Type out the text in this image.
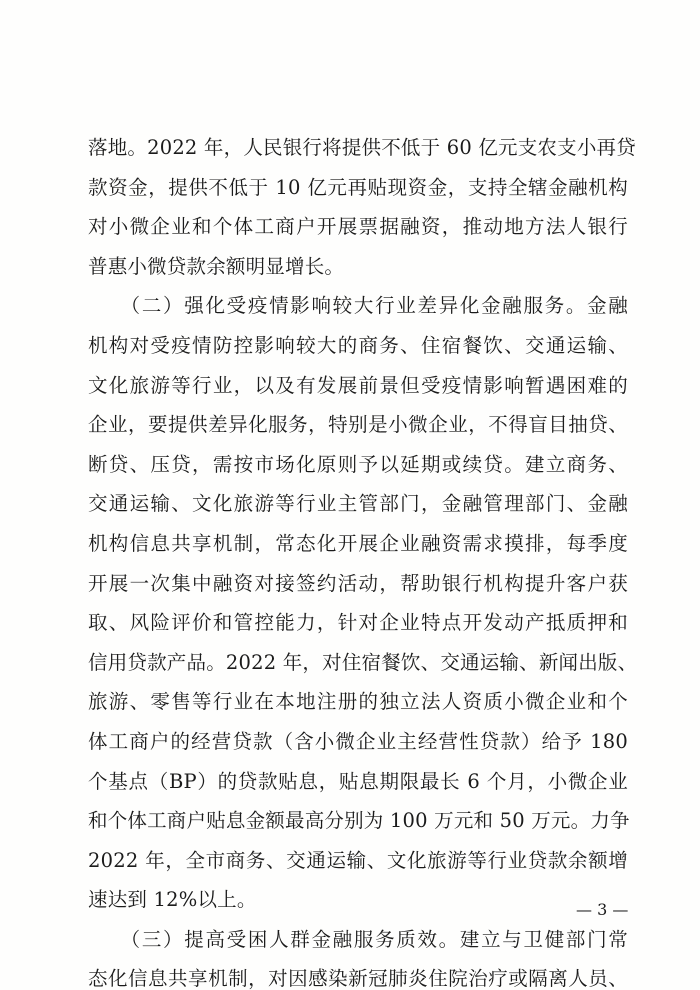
落地。2022 年，人民银行将提供不低于 60 亿元支农支小再贷
款资金，提供不低于 10 亿元再贴现资金，支持全辖金融机构
对小微企业和个体工商户开展票据融资，推动地方法人银行
普惠小微贷款余额明显增长。
　　（二）强化受疫情影响较大行业差异化金融服务。金融
机构对受疫情防控影响较大的商务、住宿餐饮、交通运输、
文化旅游等行业，以及有发展前景但受疫情影响暂遇困难的
企业，要提供差异化服务，特别是小微企业，不得盲目抽贷、
断贷、压贷，需按市场化原则予以延期或续贷。建立商务、
交通运输、文化旅游等行业主管部门，金融管理部门、金融
机构信息共享机制，常态化开展企业融资需求摸排，每季度
开展一次集中融资对接签约活动，帮助银行机构提升客户获
取、风险评价和管控能力，针对企业特点开发动产抵质押和
信用贷款产品。2022 年，对住宿餐饮、交通运输、新闻出版、
旅游、零售等行业在本地注册的独立法人资质小微企业和个
体工商户的经营贷款（含小微企业主经营性贷款）给予 180
个基点（BP）的贷款贴息，贴息期限最长 6 个月，小微企业
和个体工商户贴息金额最高分别为 100 万元和 50 万元。力争
2022 年，全市商务、交通运输、文化旅游等行业贷款余额增
速达到 12%以上。
　　（三）提高受困人群金融服务质效。建立与卫健部门常
态化信息共享机制，对因感染新冠肺炎住院治疗或隔离人员、
— 3 —
